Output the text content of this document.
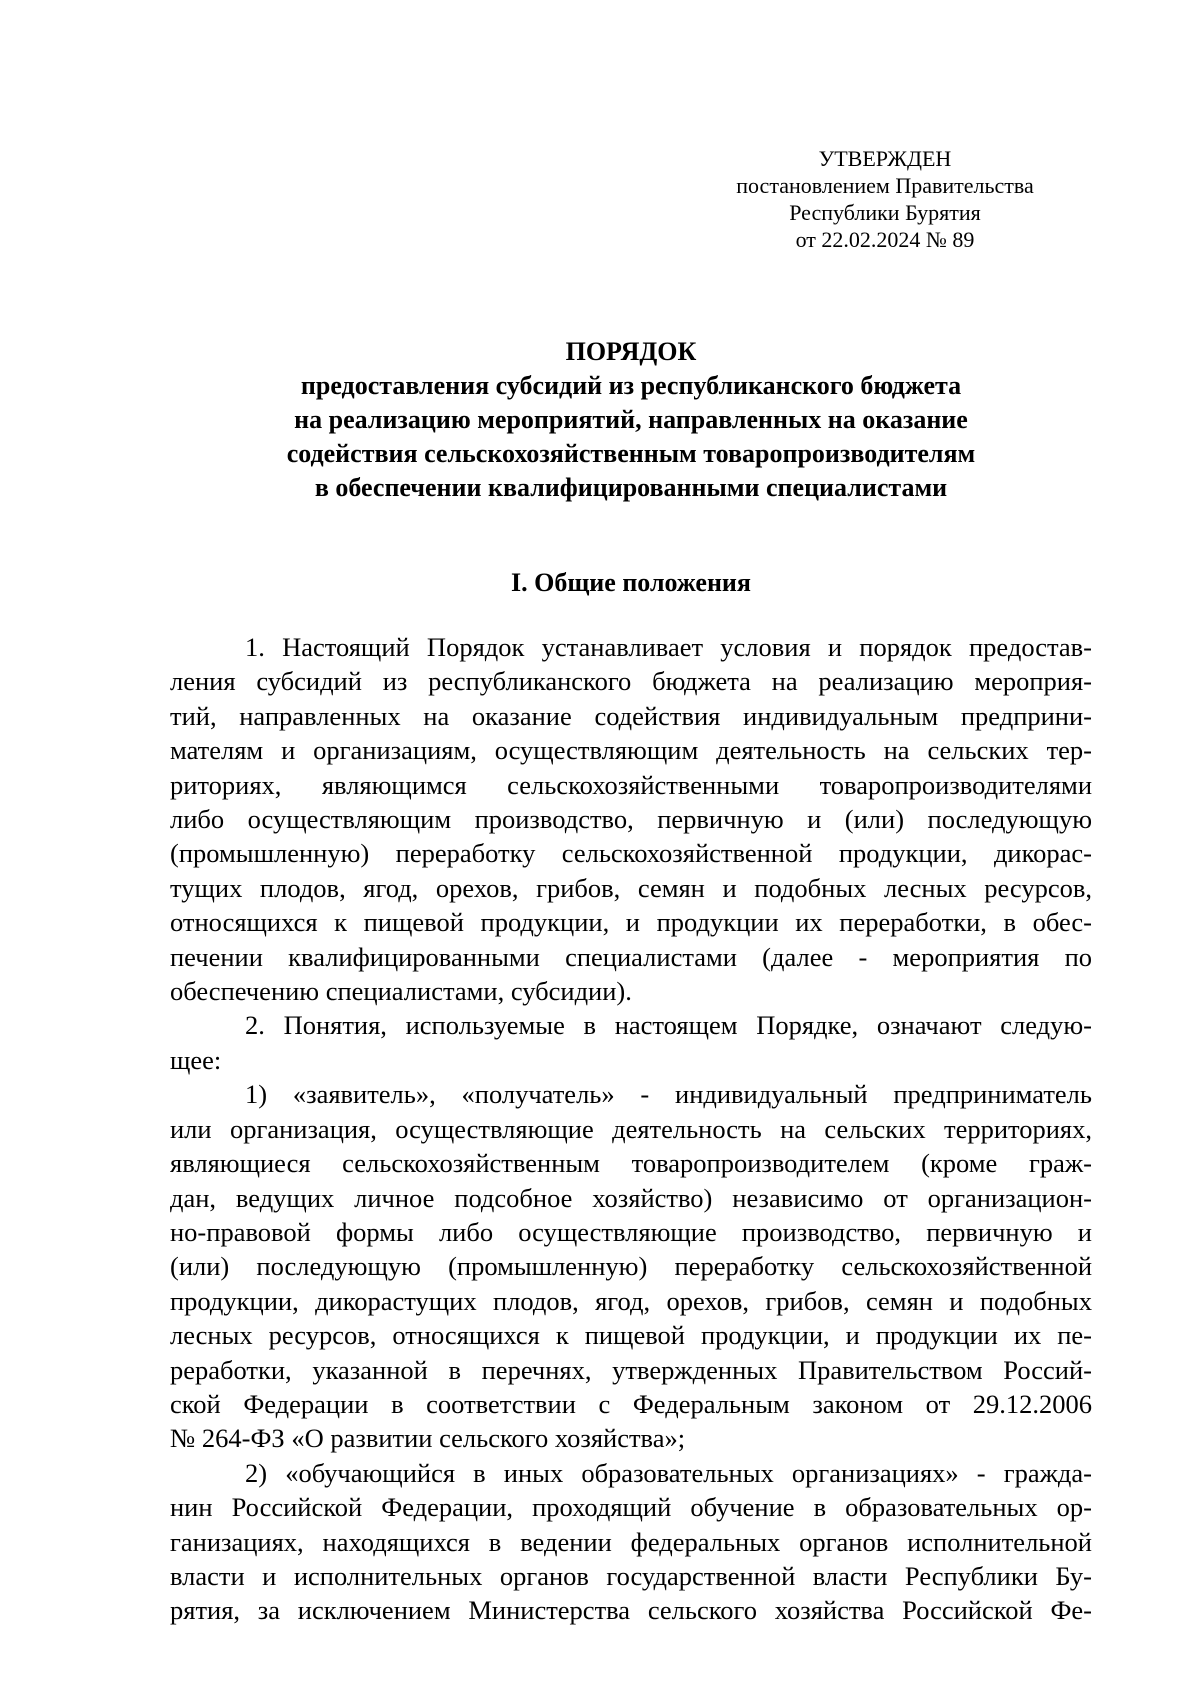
УТВЕРЖДЕН
постановлением Правительства
Республики Бурятия
от 22.02.2024 № 89
ПОРЯДОК
предоставления субсидий из республиканского бюджета
на реализацию мероприятий, направленных на оказание
содействия сельскохозяйственным товаропроизводителям
в обеспечении квалифицированными специалистами
I. Общие положения
1. Настоящий Порядок устанавливает условия и порядок предостав-
ления субсидий из республиканского бюджета на реализацию мероприя-
тий, направленных на оказание содействия индивидуальным предприни-
мателям и организациям, осуществляющим деятельность на сельских тер-
риториях, являющимся сельскохозяйственными товаропроизводителями
либо осуществляющим производство, первичную и (или) последующую
(промышленную) переработку сельскохозяйственной продукции, дикорас-
тущих плодов, ягод, орехов, грибов, семян и подобных лесных ресурсов,
относящихся к пищевой продукции, и продукции их переработки, в обес-
печении квалифицированными специалистами (далее - мероприятия по
обеспечению специалистами, субсидии).
2. Понятия, используемые в настоящем Порядке, означают следую-
щее:
1) «заявитель», «получатель» - индивидуальный предприниматель
или организация, осуществляющие деятельность на сельских территориях,
являющиеся сельскохозяйственным товаропроизводителем (кроме граж-
дан, ведущих личное подсобное хозяйство) независимо от организацион-
но-правовой формы либо осуществляющие производство, первичную и
(или) последующую (промышленную) переработку сельскохозяйственной
продукции, дикорастущих плодов, ягод, орехов, грибов, семян и подобных
лесных ресурсов, относящихся к пищевой продукции, и продукции их пе-
реработки, указанной в перечнях, утвержденных Правительством Россий-
ской Федерации в соответствии с Федеральным законом от 29.12.2006
№ 264-ФЗ «О развитии сельского хозяйства»;
2) «обучающийся в иных образовательных организациях» - гражда-
нин Российской Федерации, проходящий обучение в образовательных ор-
ганизациях, находящихся в ведении федеральных органов исполнительной
власти и исполнительных органов государственной власти Республики Бу-
рятия, за исключением Министерства сельского хозяйства Российской Фе-
